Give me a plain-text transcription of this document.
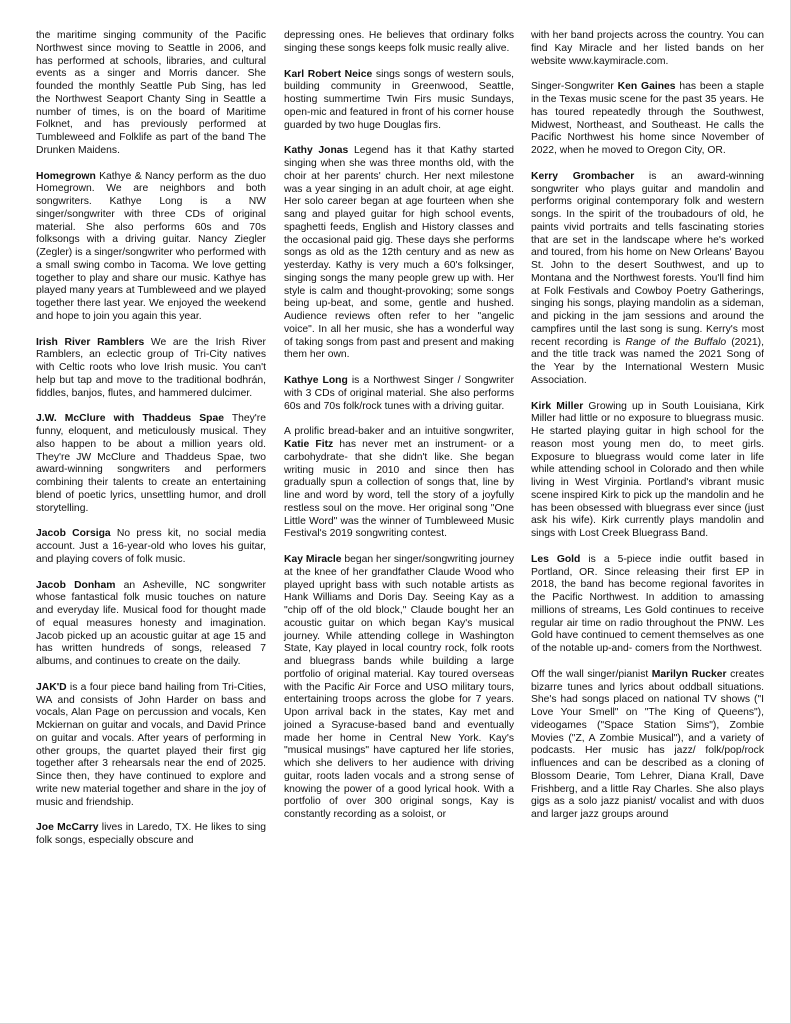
the maritime singing community of the Pacific Northwest since moving to Seattle in 2006, and has performed at schools, libraries, and cultural events as a singer and Morris dancer. She founded the monthly Seattle Pub Sing, has led the Northwest Seaport Chanty Sing in Seattle a number of times, is on the board of Maritime Folknet, and has previously performed at Tumbleweed and Folklife as part of the band The Drunken Maidens.

Homegrown Kathye & Nancy perform as the duo Homegrown. We are neighbors and both songwriters. Kathye Long is a NW singer/songwriter with three CDs of original material. She also performs 60s and 70s folksongs with a driving guitar. Nancy Ziegler (Zegler) is a singer/songwriter who performed with a small swing combo in Tacoma. We love getting together to play and share our music. Kathye has played many years at Tumbleweed and we played together there last year. We enjoyed the weekend and hope to join you again this year.

Irish River Ramblers We are the Irish River Ramblers, an eclectic group of Tri-City natives with Celtic roots who love Irish music. You can't help but tap and move to the traditional bodhrán, fiddles, banjos, flutes, and hammered dulcimer.

J.W. McClure with Thaddeus Spae They're funny, eloquent, and meticulously musical. They also happen to be about a million years old. They're JW McClure and Thaddeus Spae, two award-winning songwriters and performers combining their talents to create an entertaining blend of poetic lyrics, unsettling humor, and droll storytelling.

Jacob Corsiga No press kit, no social media account. Just a 16-year-old who loves his guitar, and playing covers of folk music.

Jacob Donham an Asheville, NC songwriter whose fantastical folk music touches on nature and everyday life. Musical food for thought made of equal measures honesty and imagination. Jacob picked up an acoustic guitar at age 15 and has written hundreds of songs, released 7 albums, and continues to create on the daily.

JAK'D is a four piece band hailing from Tri-Cities, WA and consists of John Harder on bass and vocals, Alan Page on percussion and vocals, Ken Mckiernan on guitar and vocals, and David Prince on guitar and vocals. After years of performing in other groups, the quartet played their first gig together after 3 rehearsals near the end of 2025. Since then, they have continued to explore and write new material together and share in the joy of music and friendship.

Joe McCarry lives in Laredo, TX. He likes to sing folk songs, especially obscure and

depressing ones. He believes that ordinary folks singing these songs keeps folk music really alive.

Karl Robert Neice sings songs of western souls, building community in Greenwood, Seattle, hosting summertime Twin Firs music Sundays, open-mic and featured in front of his corner house guarded by two huge Douglas firs.

Kathy Jonas Legend has it that Kathy started singing when she was three months old, with the choir at her parents' church. Her next milestone was a year singing in an adult choir, at age eight. Her solo career began at age fourteen when she sang and played guitar for high school events, spaghetti feeds, English and History classes and the occasional paid gig. These days she performs songs as old as the 12th century and as new as yesterday. Kathy is very much a 60's folksinger, singing songs the many people grew up with. Her style is calm and thought-provoking; some songs being up-beat, and some, gentle and hushed. Audience reviews often refer to her "angelic voice". In all her music, she has a wonderful way of taking songs from past and present and making them her own.

Kathye Long is a Northwest Singer / Songwriter with 3 CDs of original material. She also performs 60s and 70s folk/rock tunes with a driving guitar.

A prolific bread-baker and an intuitive songwriter, Katie Fitz has never met an instrument- or a carbohydrate- that she didn't like. She began writing music in 2010 and since then has gradually spun a collection of songs that, line by line and word by word, tell the story of a joyfully restless soul on the move. Her original song "One Little Word" was the winner of Tumbleweed Music Festival's 2019 songwriting contest.

Kay Miracle began her singer/songwriting journey at the knee of her grandfather Claude Wood who played upright bass with such notable artists as Hank Williams and Doris Day. Seeing Kay as a "chip off of the old block," Claude bought her an acoustic guitar on which began Kay's musical journey. While attending college in Washington State, Kay played in local country rock, folk roots and bluegrass bands while building a large portfolio of original material. Kay toured overseas with the Pacific Air Force and USO military tours, entertaining troops across the globe for 7 years. Upon arrival back in the states, Kay met and joined a Syracuse-based band and eventually made her home in Central New York. Kay's "musical musings" have captured her life stories, which she delivers to her audience with driving guitar, roots laden vocals and a strong sense of knowing the power of a good lyrical hook. With a portfolio of over 300 original songs, Kay is constantly recording as a soloist, or

with her band projects across the country. You can find Kay Miracle and her listed bands on her website www.kaymiracle.com.

Singer-Songwriter Ken Gaines has been a staple in the Texas music scene for the past 35 years. He has toured repeatedly through the Southwest, Midwest, Northeast, and Southeast. He calls the Pacific Northwest his home since November of 2022, when he moved to Oregon City, OR.

Kerry Grombacher is an award-winning songwriter who plays guitar and mandolin and performs original contemporary folk and western songs. In the spirit of the troubadours of old, he paints vivid portraits and tells fascinating stories that are set in the landscape where he's worked and toured, from his home on New Orleans' Bayou St. John to the desert Southwest, and up to Montana and the Northwest forests. You'll find him at Folk Festivals and Cowboy Poetry Gatherings, singing his songs, playing mandolin as a sideman, and picking in the jam sessions and around the campfires until the last song is sung. Kerry's most recent recording is Range of the Buffalo (2021), and the title track was named the 2021 Song of the Year by the International Western Music Association.

Kirk Miller Growing up in South Louisiana, Kirk Miller had little or no exposure to bluegrass music. He started playing guitar in high school for the reason most young men do, to meet girls. Exposure to bluegrass would come later in life while attending school in Colorado and then while living in West Virginia. Portland's vibrant music scene inspired Kirk to pick up the mandolin and he has been obsessed with bluegrass ever since (just ask his wife). Kirk currently plays mandolin and sings with Lost Creek Bluegrass Band.

Les Gold is a 5-piece indie outfit based in Portland, OR. Since releasing their first EP in 2018, the band has become regional favorites in the Pacific Northwest. In addition to amassing millions of streams, Les Gold continues to receive regular air time on radio throughout the PNW. Les Gold have continued to cement themselves as one of the notable up-and- comers from the Northwest.

Off the wall singer/pianist Marilyn Rucker creates bizarre tunes and lyrics about oddball situations. She's had songs placed on national TV shows ("I Love Your Smell" on "The King of Queens"), videogames ("Space Station Sims"), Zombie Movies ("Z, A Zombie Musical"), and a variety of podcasts. Her music has jazz/ folk/pop/rock influences and can be described as a cloning of Blossom Dearie, Tom Lehrer, Diana Krall, Dave Frishberg, and a little Ray Charles. She also plays gigs as a solo jazz pianist/ vocalist and with duos and larger jazz groups around
